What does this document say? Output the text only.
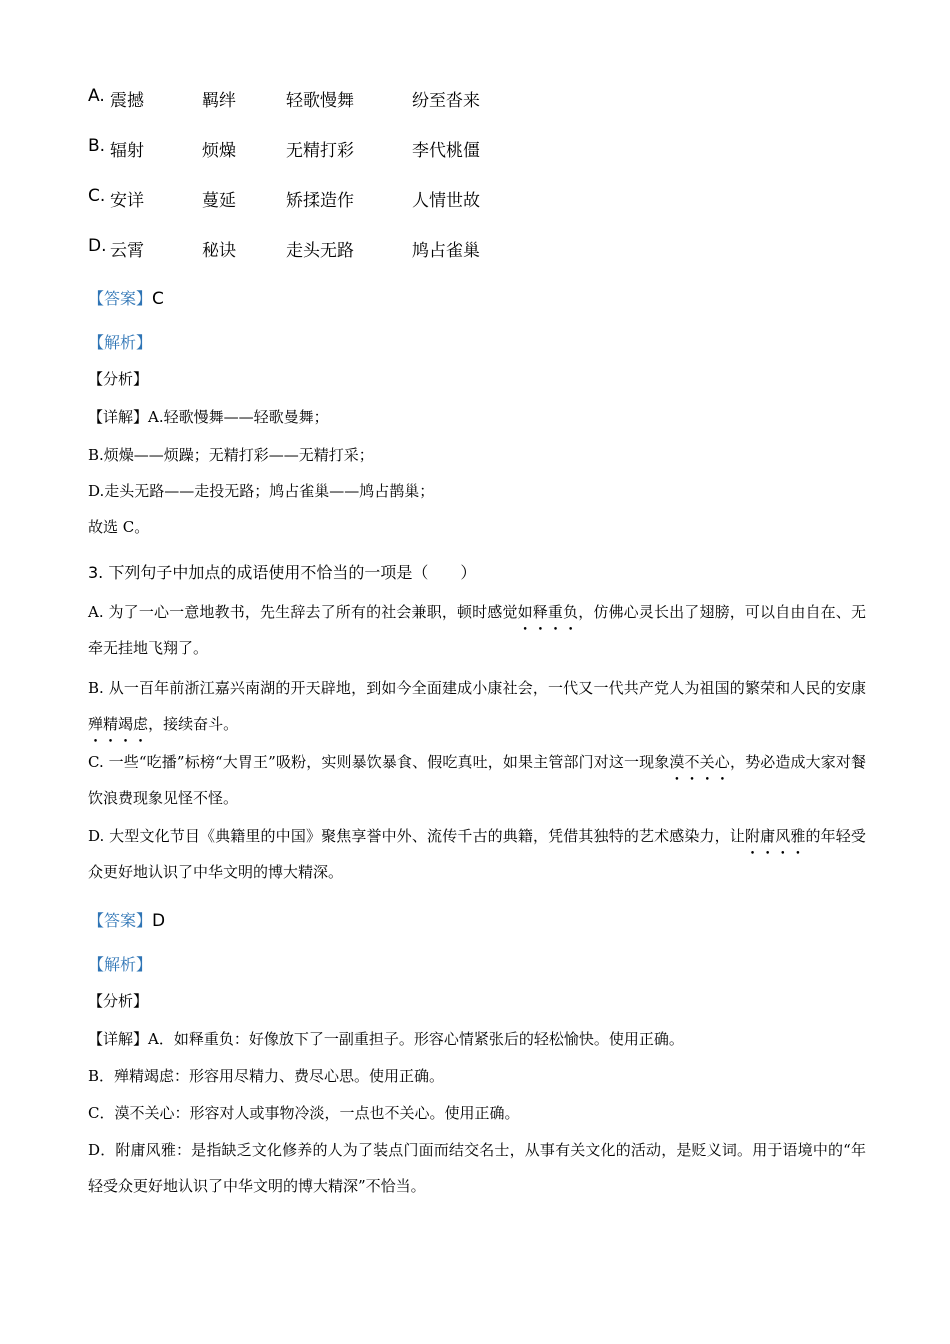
A. 震撼	羁绊	轻歌慢舞	纷至沓来
B. 辐射	烦燥	无精打彩	李代桃僵
C. 安详	蔓延	矫揉造作	人情世故
D. 云霄	秘诀	走头无路	鸠占雀巢
【答案】C
【解析】
【分析】
【详解】A.轻歌慢舞——轻歌曼舞；
B.烦燥——烦躁；无精打彩——无精打采；
D.走头无路——走投无路；鸠占雀巢——鸠占鹊巢；
故选 C。
3. 下列句子中加点的成语使用不恰当的一项是（　　）
A. 为了一心一意地教书，先生辞去了所有的社会兼职，顿时感觉如释重负，仿佛心灵长出了翅膀，可以自由自在、无牵无挂地飞翔了。
B. 从一百年前浙江嘉兴南湖的开天辟地，到如今全面建成小康社会，一代又一代共产党人为祖国的繁荣和人民的安康殚精竭虑，接续奋斗。
C. 一些“吃播”标榜“大胃王”吸粉，实则暴饮暴食、假吃真吐，如果主管部门对这一现象漠不关心，势必造成大家对餐饮浪费现象见怪不怪。
D. 大型文化节目《典籍里的中国》聚焦享誉中外、流传千古的典籍，凭借其独特的艺术感染力，让附庸风雅的年轻受众更好地认识了中华文明的博大精深。
【答案】D
【解析】
【分析】
【详解】A．如释重负：好像放下了一副重担子。形容心情紧张后的轻松愉快。使用正确。
B．殚精竭虑：形容用尽精力、费尽心思。使用正确。
C．漠不关心：形容对人或事物冷淡，一点也不关心。使用正确。
D．附庸风雅：是指缺乏文化修养的人为了装点门面而结交名士，从事有关文化的活动，是贬义词。用于语境中的“年轻受众更好地认识了中华文明的博大精深”不恰当。
